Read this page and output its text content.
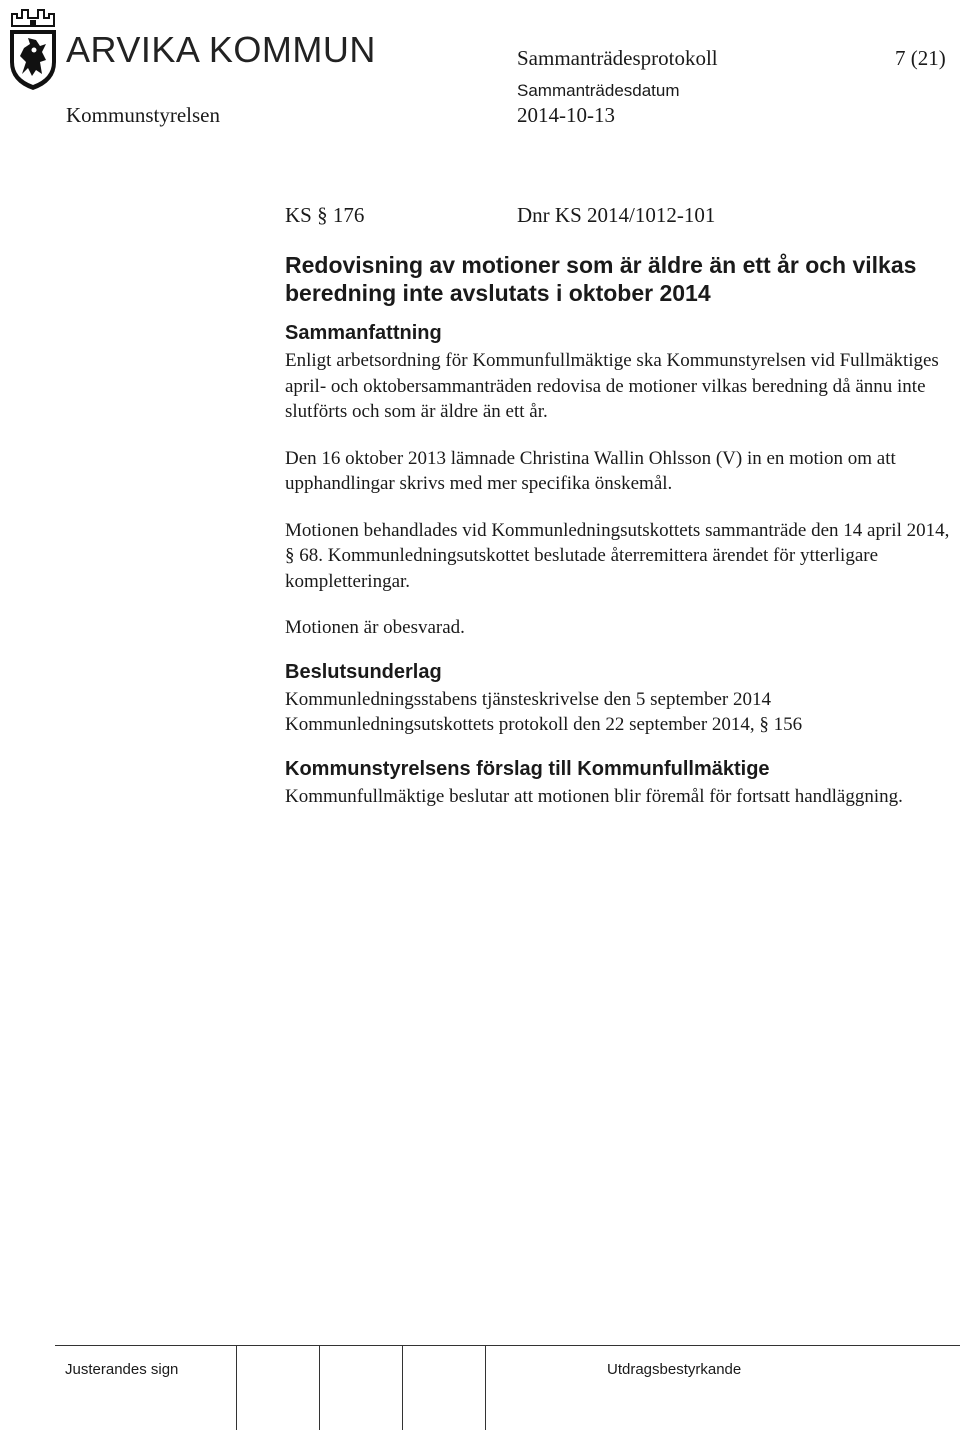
ARVIKA KOMMUN	Sammanträdesprotokoll	7 (21)
Sammanträdesdatum
Kommunstyrelsen	2014-10-13
KS § 176	Dnr KS 2014/1012-101
Redovisning av motioner som är äldre än ett år och vilkas beredning inte avslutats i oktober 2014
Sammanfattning

Enligt arbetsordning för Kommunfullmäktige ska Kommunstyrelsen vid Fullmäktiges april- och oktobersammanträden redovisa de motioner vilkas beredning då ännu inte slutförts och som är äldre än ett år.

Den 16 oktober 2013 lämnade Christina Wallin Ohlsson (V) in en motion om att upphandlingar skrivs med mer specifika önskemål.

Motionen behandlades vid Kommunledningsutskottets sammanträde den 14 april 2014, § 68. Kommunledningsutskottet beslutade återremittera ärendet för ytterligare kompletteringar.

Motionen är obesvarad.

Beslutsunderlag

Kommunledningsstabens tjänsteskrivelse den 5 september 2014

Kommunledningsutskottets protokoll den 22 september 2014, § 156

Kommunstyrelsens förslag till Kommunfullmäktige

Kommunfullmäktige beslutar att motionen blir föremål för fortsatt handläggning.

Justerandes sign	Utdragsbestyrkande
